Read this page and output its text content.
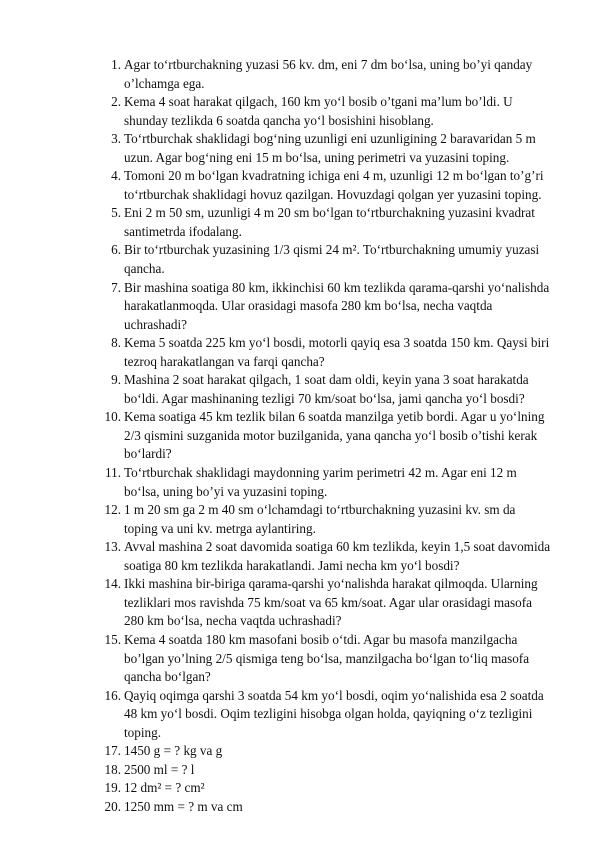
1. Agar to‘rtburchakning yuzasi 56 kv. dm, eni 7 dm bo‘lsa, uning bo’yi qanday o’lchamga ega.
2. Kema 4 soat harakat qilgach, 160 km yo‘l bosib o’tgani ma’lum bo’ldi. U shunday tezlikda 6 soatda qancha yo‘l bosishini hisoblang.
3. To‘rtburchak shaklidagi bog‘ning uzunligi eni uzunligining 2 baravaridan 5 m uzun. Agar bog‘ning eni 15 m bo‘lsa, uning perimetri va yuzasini toping.
4. Tomoni 20 m bo‘lgan kvadratning ichiga eni 4 m, uzunligi 12 m bo‘lgan to’g’ri to‘rtburchak shaklidagi hovuz qazilgan. Hovuzdagi qolgan yer yuzasini toping.
5. Eni 2 m 50 sm, uzunligi 4 m 20 sm bo‘lgan to‘rtburchakning yuzasini kvadrat santimetrda ifodalang.
6. Bir to‘rtburchak yuzasining 1/3 qismi 24 m². To‘rtburchakning umumiy yuzasi qancha.
7. Bir mashina soatiga 80 km, ikkinchisi 60 km tezlikda qarama-qarshi yo‘nalishda harakatlanmoqda. Ular orasidagi masofa 280 km bo‘lsa, necha vaqtda uchrashadi?
8. Kema 5 soatda 225 km yo‘l bosdi, motorli qayiq esa 3 soatda 150 km. Qaysi biri tezroq harakatlangan va farqi qancha?
9. Mashina 2 soat harakat qilgach, 1 soat dam oldi, keyin yana 3 soat harakatda bo‘ldi. Agar mashinaning tezligi 70 km/soat bo‘lsa, jami qancha yo‘l bosdi?
10. Kema soatiga 45 km tezlik bilan 6 soatda manzilga yetib bordi. Agar u yo‘lning 2/3 qismini suzganida motor buzilganida, yana qancha yo‘l bosib o’tishi kerak bo‘lardi?
11. To‘rtburchak shaklidagi maydonning yarim perimetri 42 m. Agar eni 12 m bo‘lsa, uning bo’yi va yuzasini toping.
12. 1 m 20 sm ga 2 m 40 sm o‘lchamdagi to‘rtburchakning yuzasini kv. sm da toping va uni kv. metrga aylantiring.
13. Avval mashina 2 soat davomida soatiga 60 km tezlikda, keyin 1,5 soat davomida soatiga 80 km tezlikda harakatlandi. Jami necha km yo‘l bosdi?
14. Ikki mashina bir-biriga qarama-qarshi yo‘nalishda harakat qilmoqda. Ularning tezliklari mos ravishda 75 km/soat va 65 km/soat. Agar ular orasidagi masofa 280 km bo‘lsa, necha vaqtda uchrashadi?
15. Kema 4 soatda 180 km masofani bosib o‘tdi. Agar bu masofa manzilgacha bo’lgan yo’lning 2/5 qismiga teng bo‘lsa, manzilgacha bo‘lgan to‘liq masofa qancha bo‘lgan?
16. Qayiq oqimga qarshi 3 soatda 54 km yo‘l bosdi, oqim yo‘nalishida esa 2 soatda 48 km yo‘l bosdi. Oqim tezligini hisobga olgan holda, qayiqning o‘z tezligini toping.
17. 1450 g = ? kg va g
18. 2500 ml = ? l
19. 12 dm² = ? cm²
20. 1250 mm = ? m va cm
